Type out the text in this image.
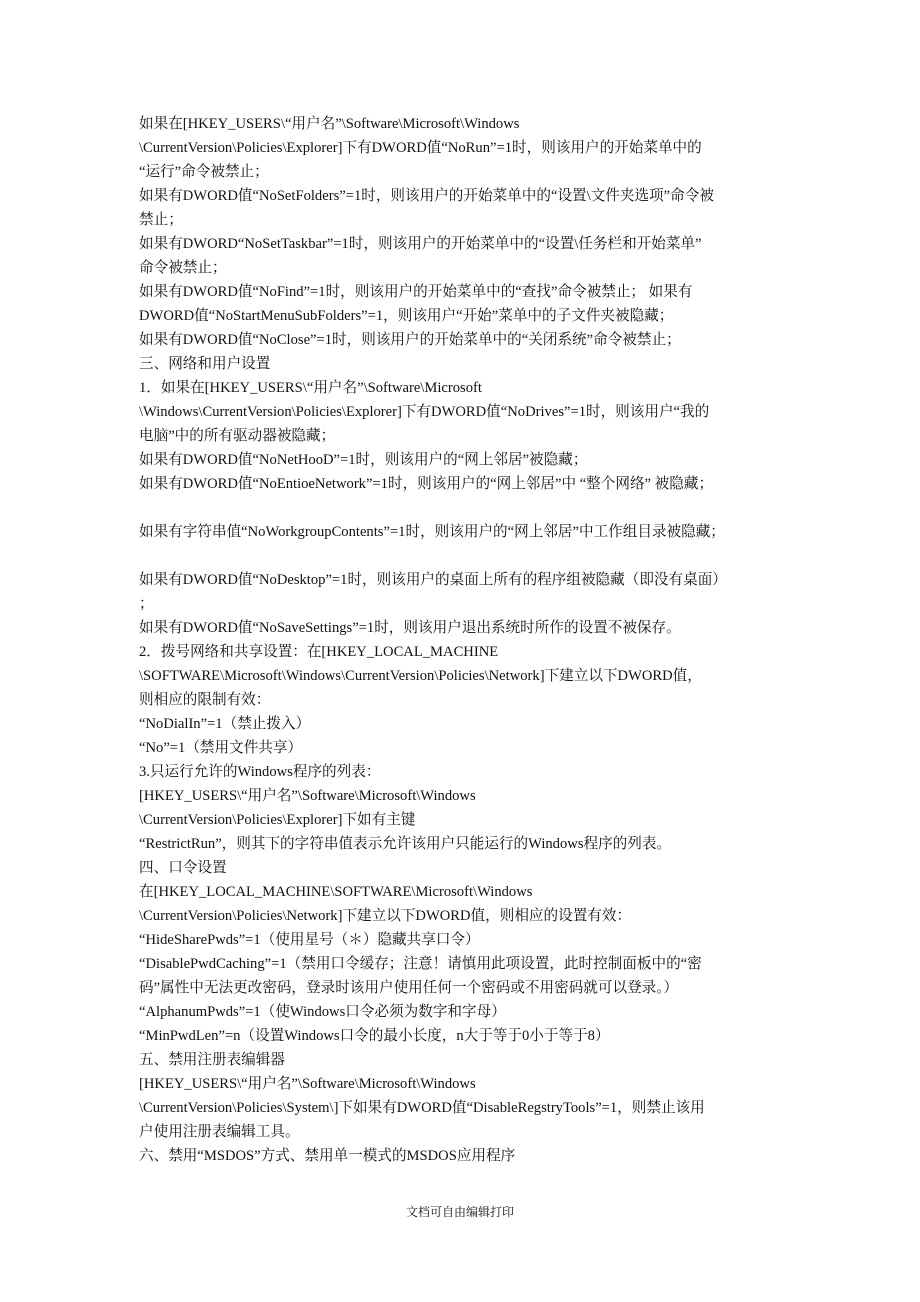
如果在[HKEY_USERS\“用户名”\Software\Microsoft\Windows
\CurrentVersion\Policies\Explorer]下有DWORD值“NoRun”=1时，则该用户的开始菜单中的
“运行”命令被禁止；
如果有DWORD值“NoSetFolders”=1时，则该用户的开始菜单中的“设置\文件夹选项”命令被
禁止；
如果有DWORD“NoSetTaskbar”=1时，则该用户的开始菜单中的“设置\任务栏和开始菜单”
命令被禁止；
如果有DWORD值“NoFind”=1时，则该用户的开始菜单中的“查找”命令被禁止； 如果有
DWORD值“NoStartMenuSubFolders”=1，则该用户“开始”菜单中的子文件夹被隐藏；
如果有DWORD值“NoClose”=1时，则该用户的开始菜单中的“关闭系统”命令被禁止；
三、网络和用户设置
1．如果在[HKEY_USERS\“用户名”\Software\Microsoft
\Windows\CurrentVersion\Policies\Explorer]下有DWORD值“NoDrives”=1时，则该用户“我的
电脑”中的所有驱动器被隐藏；
如果有DWORD值“NoNetHooD”=1时，则该用户的“网上邻居”被隐藏；
如果有DWORD值“NoEntioeNetwork”=1时，则该用户的“网上邻居”中 “整个网络” 被隐藏；
如果有字符串值“NoWorkgroupContents”=1时，则该用户的“网上邻居”中工作组目录被隐藏；
如果有DWORD值“NoDesktop”=1时，则该用户的桌面上所有的程序组被隐藏（即没有桌面）
；
如果有DWORD值“NoSaveSettings”=1时，则该用户退出系统时所作的设置不被保存。
2．拨号网络和共享设置：在[HKEY_LOCAL_MACHINE
\SOFTWARE\Microsoft\Windows\CurrentVersion\Policies\Network]下建立以下DWORD值，
则相应的限制有效：
“NoDialIn”=1（禁止拨入）
“No”=1（禁用文件共享）
3.只运行允许的Windows程序的列表：
[HKEY_USERS\“用户名”\Software\Microsoft\Windows
\CurrentVersion\Policies\Explorer]下如有主键
“RestrictRun”，则其下的字符串值表示允许该用户只能运行的Windows程序的列表。
四、口令设置
在[HKEY_LOCAL_MACHINE\SOFTWARE\Microsoft\Windows
\CurrentVersion\Policies\Network]下建立以下DWORD值，则相应的设置有效：
“HideSharePwds”=1（使用星号（＊）隐藏共享口令）
“DisablePwdCaching”=1（禁用口令缓存；注意！请慎用此项设置，此时控制面板中的“密
码”属性中无法更改密码，登录时该用户使用任何一个密码或不用密码就可以登录。）
“AlphanumPwds”=1（使Windows口令必须为数字和字母）
“MinPwdLen”=n（设置Windows口令的最小长度，n大于等于0小于等于8）
五、禁用注册表编辑器
[HKEY_USERS\“用户名”\Software\Microsoft\Windows
\CurrentVersion\Policies\System\]下如果有DWORD值“DisableRegstryTools”=1，则禁止该用
户使用注册表编辑工具。
六、禁用“MSDOS”方式、禁用单一模式的MSDOS应用程序
文档可自由编辑打印
